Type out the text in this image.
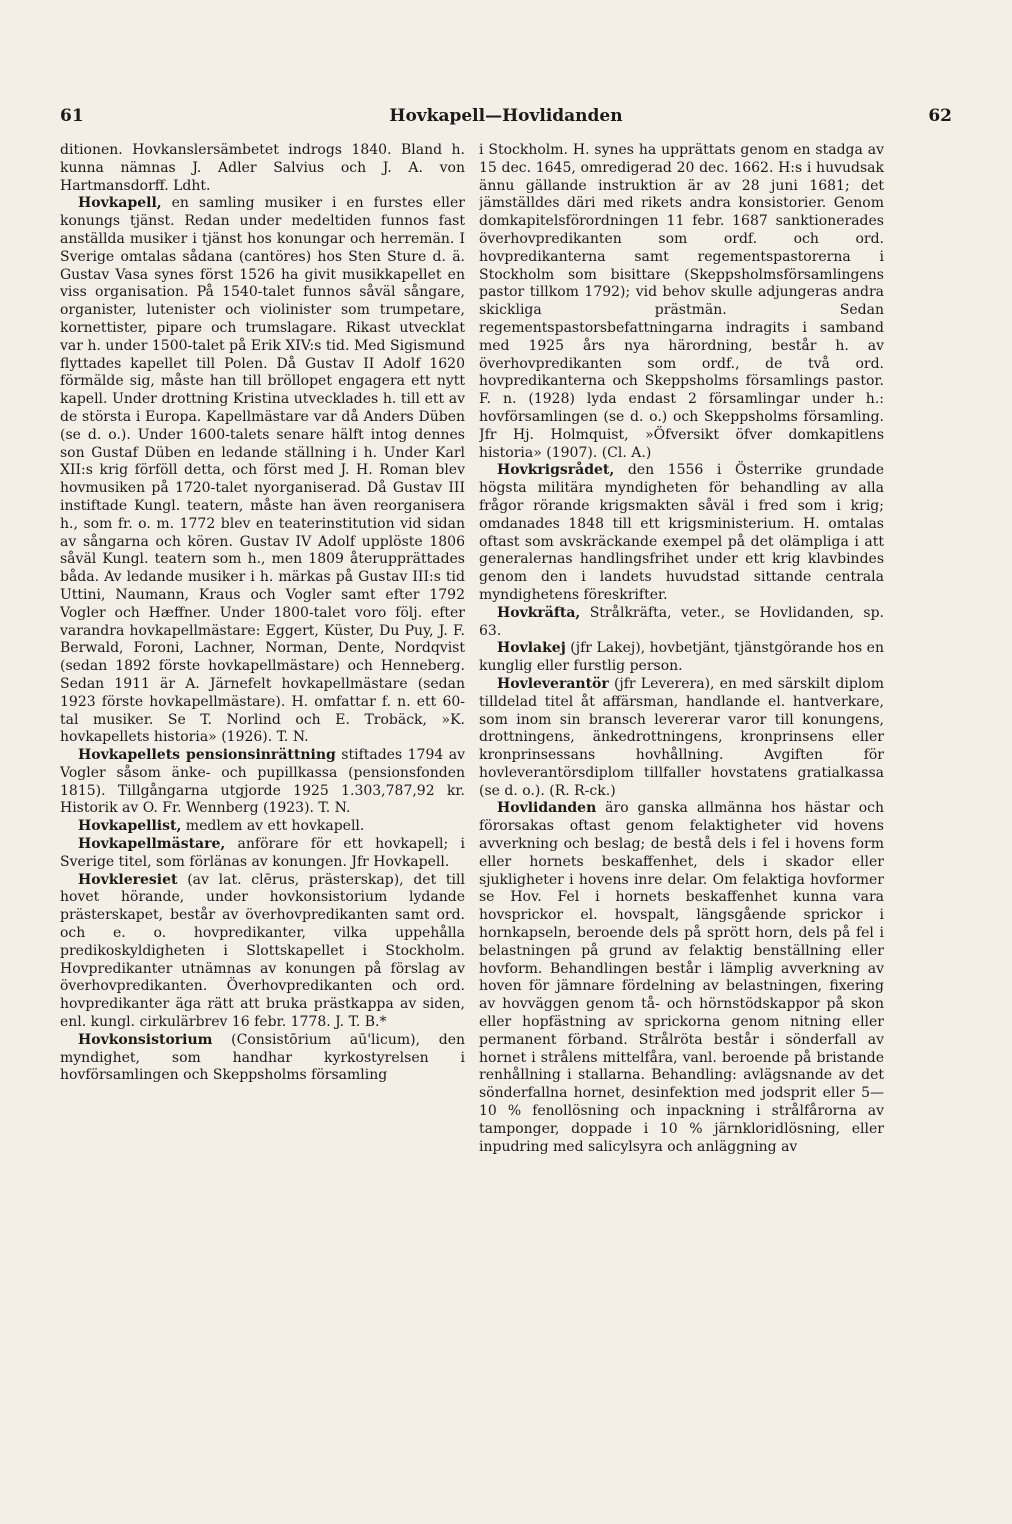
61	Hovkapell—Hovlidanden	62

ditionen. Hovkanslersämbetet indrogs 1840. Bland h. kunna nämnas J. Adler Salvius och J. A. von Hartmansdorff. Ldht.

Hovkapell, en samling musiker i en furstes eller konungs tjänst. Redan under medeltiden funnos fast anställda musiker i tjänst hos konungar och herremän. I Sverige omtalas sådana (cantöres) hos Sten Sture d. ä. Gustav Vasa synes först 1526 ha givit musikkapellet en viss organisation. På 1540-talet funnos såväl sångare, organister, lutenister och violinister som trumpetare, kornettister, pipare och trumslagare. Rikast utvecklat var h. under 1500-talet på Erik XIV:s tid. Med Sigismund flyttades kapellet till Polen. Då Gustav II Adolf 1620 förmälde sig, måste han till bröllopet engagera ett nytt kapell. Under drottning Kristina utvecklades h. till ett av de största i Europa. Kapellmästare var då Anders Düben (se d. o.). Under 1600-talets senare hälft intog dennes son Gustaf Düben en ledande ställning i h. Under Karl XII:s krig förföll detta, och först med J. H. Roman blev hovmusiken på 1720-talet nyorganiserad. Då Gustav III instiftade Kungl. teatern, måste han även reorganisera h., som fr. o. m. 1772 blev en teaterinstitution vid sidan av sångarna och kören. Gustav IV Adolf upplöste 1806 såväl Kungl. teatern som h., men 1809 återupprättades båda. Av ledande musiker i h. märkas på Gustav III:s tid Uttini, Naumann, Kraus och Vogler samt efter 1792 Vogler och Hæffner. Under 1800-talet voro följ. efter varandra hovkapellmästare: Eggert, Küster, Du Puy, J. F. Berwald, Foroni, Lachner, Norman, Dente, Nordqvist (sedan 1892 förste hovkapellmästare) och Henneberg. Sedan 1911 är A. Järnefelt hovkapellmästare (sedan 1923 förste hovkapellmästare). H. omfattar f. n. ett 60-tal musiker. Se T. Norlind och E. Trobäck, »K. hovkapellets historia» (1926). T. N.

Hovkapellets pensionsinrättning stiftades 1794 av Vogler såsom änke- och pupillkassa (pensionsfonden 1815). Tillgångarna utgjorde 1925 1.303,787,92 kr. Historik av O. Fr. Wennberg (1923). T. N.

Hovkapellist, medlem av ett hovkapell.

Hovkapellmästare, anförare för ett hovkapell; i Sverige titel, som förlänas av konungen. Jfr Hovkapell.

Hovkleresiet (av lat. clērus, prästerskap), det till hovet hörande, under hovkonsistorium lydande prästerskapet, består av överhovpredikanten samt ord. och e. o. hovpredikanter, vilka uppehålla predikoskyldigheten i Slottskapellet i Stockholm. Hovpredikanter utnämnas av konungen på förslag av överhovpredikanten. Överhovpredikanten och ord. hovpredikanter äga rätt att bruka prästkappa av siden, enl. kungl. cirkulärbrev 16 febr. 1778. J. T. B.*

Hovkonsistorium (Consistōrium aū'licum), den myndighet, som handhar kyrkostyrelsen i hovförsamlingen och Skeppsholms församling

i Stockholm. H. synes ha upprättats genom en stadga av 15 dec. 1645, omredigerad 20 dec. 1662. H:s i huvudsak ännu gällande instruktion är av 28 juni 1681; det jämställdes däri med rikets andra konsistorier. Genom domkapitelsförordningen 11 febr. 1687 sanktionerades överhovpredikanten som ordf. och ord. hovpredikanterna samt regementspastorerna i Stockholm som bisittare (Skeppsholmsförsamlingens pastor tillkom 1792); vid behov skulle adjungeras andra skickliga prästmän. Sedan regementspastorsbefattningarna indragits i samband med 1925 års nya härordning, består h. av överhovpredikanten som ordf., de två ord. hovpredikanterna och Skeppsholms församlings pastor. F. n. (1928) lyda endast 2 församlingar under h.: hovförsamlingen (se d. o.) och Skeppsholms församling. Jfr Hj. Holmquist, »Öfversikt öfver domkapitlens historia» (1907). (Cl. A.)

Hovkrigsrådet, den 1556 i Österrike grundade högsta militära myndigheten för behandling av alla frågor rörande krigsmakten såväl i fred som i krig; omdanades 1848 till ett krigsministerium. H. omtalas oftast som avskräckande exempel på det olämpliga i att generalernas handlingsfrihet under ett krig klavbindes genom den i landets huvudstad sittande centrala myndighetens föreskrifter.

Hovkräfta, Strålkräfta, veter., se Hovlidanden, sp. 63.

Hovlakej (jfr Lakej), hovbetjänt, tjänstgörande hos en kunglig eller furstlig person.

Hovleverantör (jfr Leverera), en med särskilt diplom tilldelad titel åt affärsman, handlande el. hantverkare, som inom sin bransch levererar varor till konungens, drottningens, änkedrottningens, kronprinsens eller kronprinsessans hovhållning. Avgiften för hovleverantörsdiplom tillfaller hovstatens gratialkassa (se d. o.). (R. R-ck.)

Hovlidanden äro ganska allmänna hos hästar och förorsakas oftast genom felaktigheter vid hovens avverkning och beslag; de bestå dels i fel i hovens form eller hornets beskaffenhet, dels i skador eller sjukligheter i hovens inre delar. Om felaktiga hovformer se Hov. Fel i hornets beskaffenhet kunna vara hovsprickor el. hovspalt, längsgående sprickor i hornkapseln, beroende dels på sprött horn, dels på fel i belastningen på grund av felaktig benställning eller hovform. Behandlingen består i lämplig avverkning av hoven för jämnare fördelning av belastningen, fixering av hovväggen genom tå- och hörnstödskappor på skon eller hopfästning av sprickorna genom nitning eller permanent förband. Strålröta består i sönderfall av hornet i strålens mittelfåra, vanl. beroende på bristande renhållning i stallarna. Behandling: avlägsnande av det sönderfallna hornet, desinfektion med jodsprit eller 5—10 % fenollösning och inpackning i strålfårorna av tamponger, doppade i 10 % järnkloridlösning, eller inpudring med salicylsyra och anläggning av
